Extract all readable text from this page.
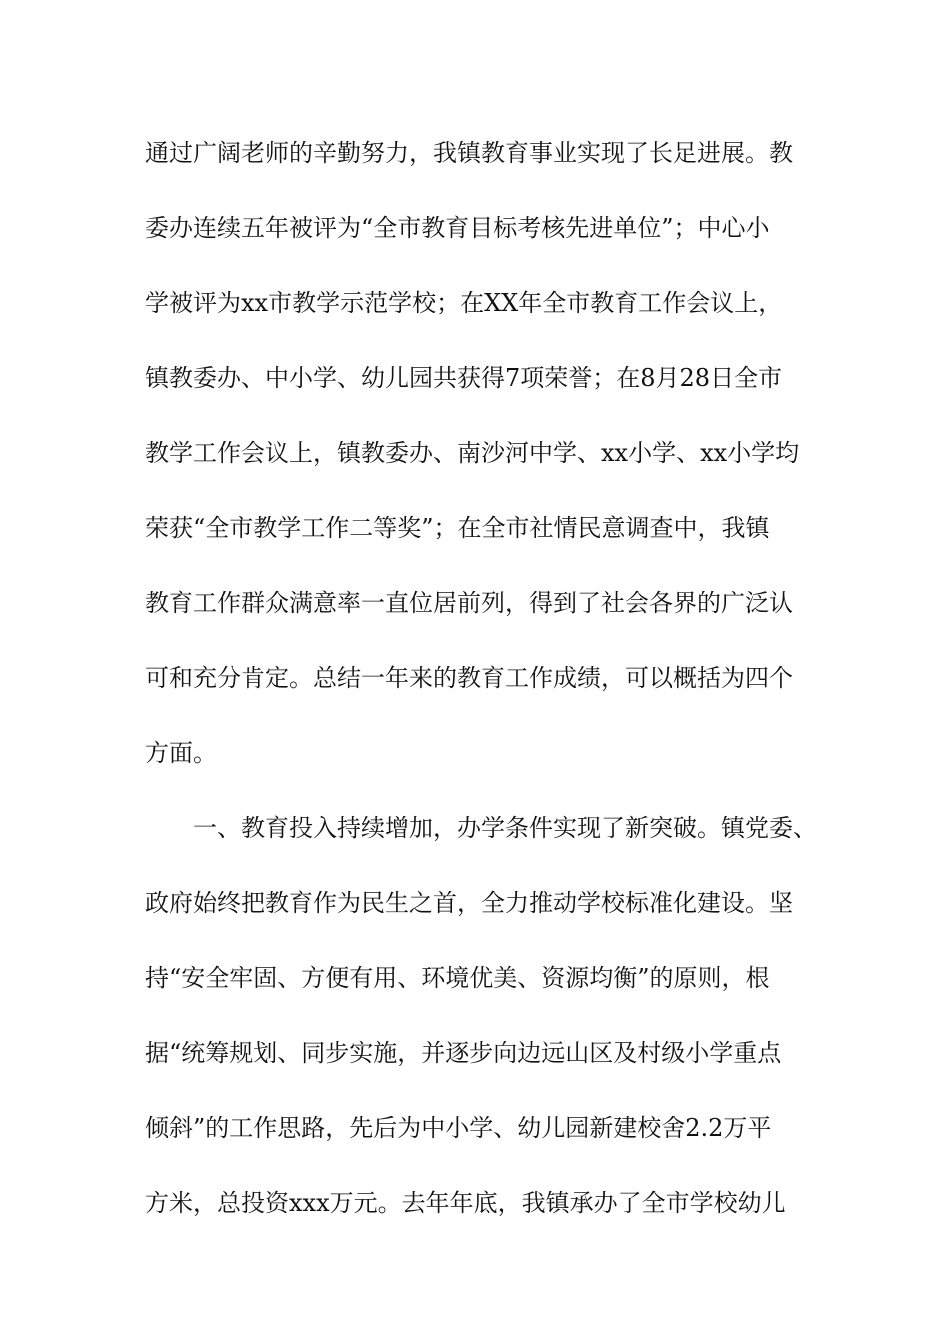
通过广阔老师的辛勤努力，我镇教育事业实现了长足进展。教
委办连续五年被评为“全市教育目标考核先进单位”；中心小
学被评为xx市教学示范学校；在XX年全市教育工作会议上，
镇教委办、中小学、幼儿园共获得7项荣誉；在8月28日全市
教学工作会议上，镇教委办、南沙河中学、xx小学、xx小学均
荣获“全市教学工作二等奖”；在全市社情民意调查中，我镇
教育工作群众满意率一直位居前列，得到了社会各界的广泛认
可和充分肯定。总结一年来的教育工作成绩，可以概括为四个
方面。
一、教育投入持续增加，办学条件实现了新突破。镇党委、
政府始终把教育作为民生之首，全力推动学校标准化建设。坚
持“安全牢固、方便有用、环境优美、资源均衡”的原则，根
据“统筹规划、同步实施，并逐步向边远山区及村级小学重点
倾斜”的工作思路，先后为中小学、幼儿园新建校舍2.2万平
方米，总投资xxx万元。去年年底，我镇承办了全市学校幼儿
